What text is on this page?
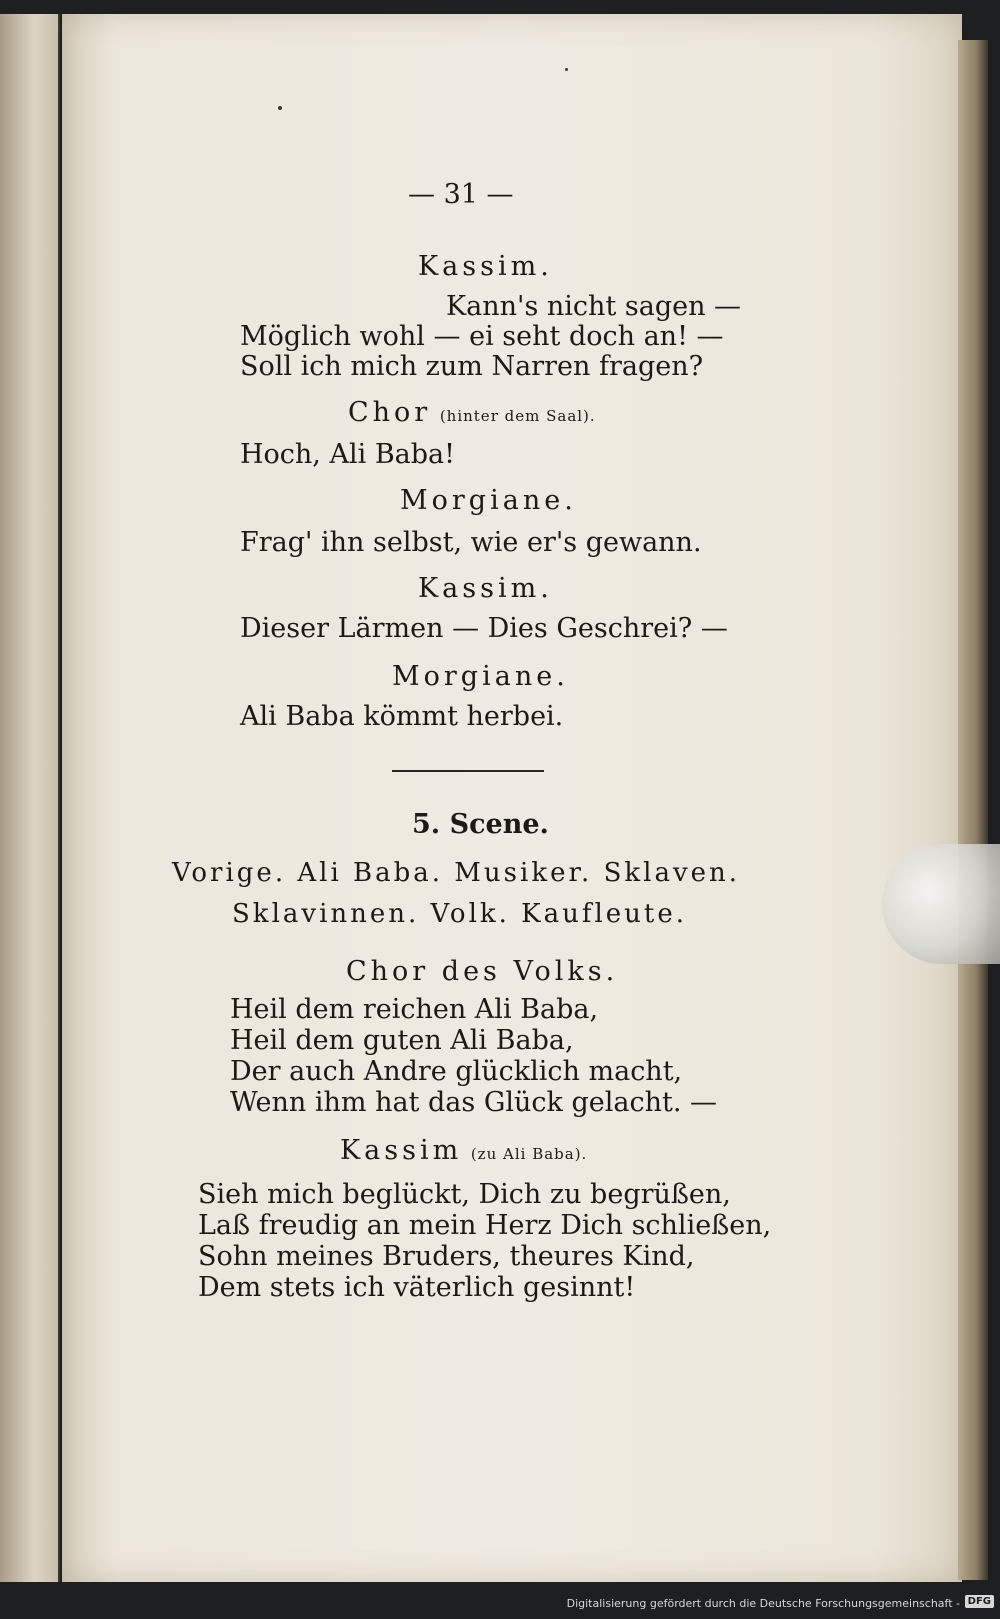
— 31 —

Kassim.

Kann's nicht sagen —

Möglich wohl — ei seht doch an! —

Soll ich mich zum Narren fragen?

Chor (hinter dem Saal).

Hoch, Ali Baba!

Morgiane.

Frag' ihn selbst, wie er's gewann.

Kassim.

Dieser Lärmen — Dies Geschrei? —

Morgiane.

Ali Baba kömmt herbei.

5. Scene.

Vorige. Ali Baba. Musiker. Sklaven.

Sklavinnen. Volk. Kaufleute.

Chor des Volks.

Heil dem reichen Ali Baba,

Heil dem guten Ali Baba,

Der auch Andre glücklich macht,

Wenn ihm hat das Glück gelacht. —

Kassim (zu Ali Baba).

Sieh mich beglückt, Dich zu begrüßen,

Laß freudig an mein Herz Dich schließen,

Sohn meines Bruders, theures Kind,

Dem stets ich väterlich gesinnt!

Digitalisierung gefördert durch die Deutsche Forschungsgemeinschaft - DFG
